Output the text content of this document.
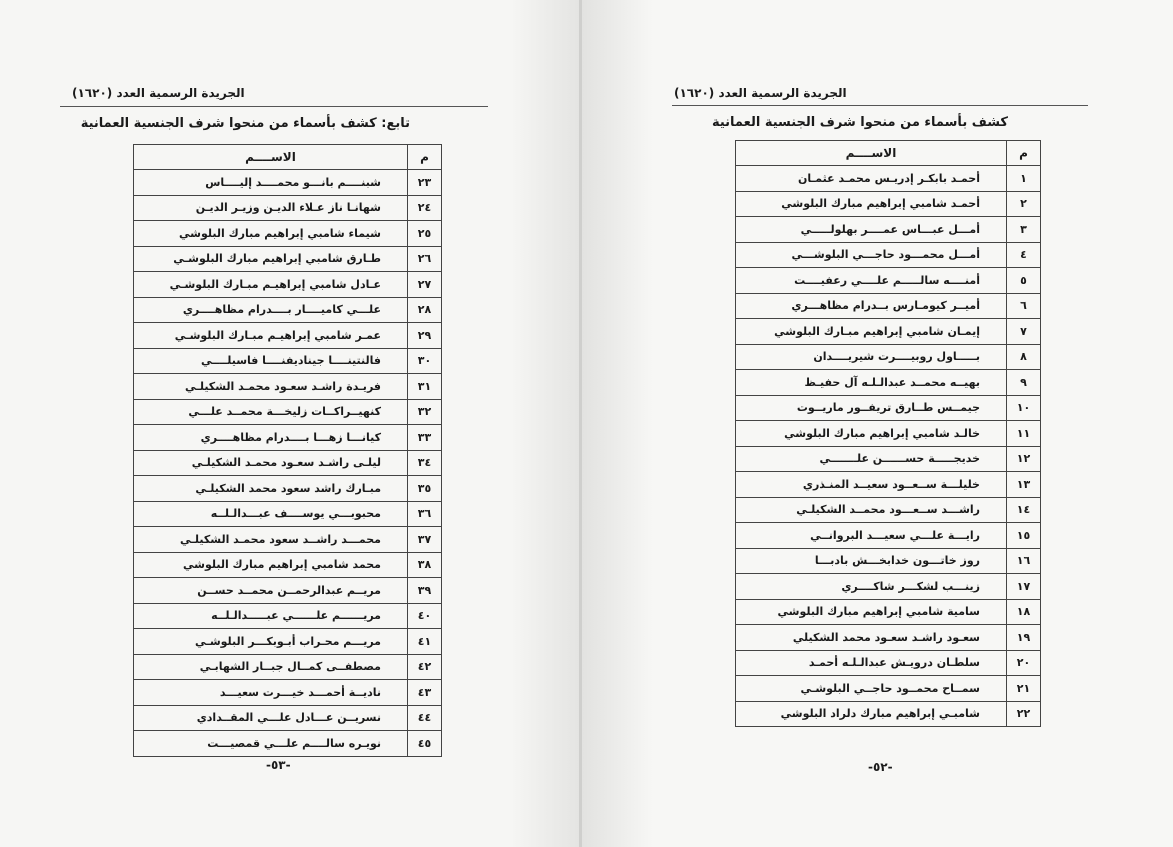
الجريدة الرسمية العدد (١٦٢٠)
تابع: كشف بأسماء من منحوا شرف الجنسية العمانية
م	الاســــم
٢٣	شبنــــم بانـــو محمــــد إليــــاس
٢٤	شهانـا ناز عـلاء الديـن وزيـر الديـن
٢٥	شيماء شامبي إبراهيم مبارك البلوشي
٢٦	طـارق شامبي إبراهيم مبارك البلوشـي
٢٧	عـادل شامبي إبراهيـم مبـارك البلوشـي
٢٨	علـــي كاميــــار بــــدرام مظاهــــري
٢٩	عمـر شامبي إبراهيـم مبـارك البلوشـي
٣٠	فالنتينــــا جيناديفنــــا فاسيلــــي
٣١	فريـدة راشـد سعـود محمـد الشكيلـي
٣٢	كنهيــراكــات زليخـــة محمــد علـــي
٣٣	كيانـــا زهـــا بــــدرام مظاهــــري
٣٤	ليلـى راشـد سعـود محمـد الشكيلـي
٣٥	مبـارك راشد سعود محمد الشكيلـي
٣٦	محبوبـــي يوســــف عبـــدالـلــه
٣٧	محمـــد راشــد سعود محمـد الشكيلـي
٣٨	محمد شامبي إبراهيم مبارك البلوشي
٣٩	مريــم عبدالرحمــن محمــد حســن
٤٠	مريــــــم علــــــي عبـــــدالـلــه
٤١	مريـــم محـراب أبـوبكـــر البلوشـي
٤٢	مصطفــى كمــال جبــار الشهابـي
٤٣	ناديــة أحمـــد خيـــرت سعيـــد
٤٤	نسريــن عـــادل علـــي المقــدادي
٤٥	نويـره سالــــم علـــي قمصيـــت
-٥٣-
الجريدة الرسمية العدد (١٦٢٠)
كشف بأسماء من منحوا شرف الجنسية العمانية
م	الاســــم
١	أحمـد بابكـر إدريـس محمـد عثمـان
٢	أحمـد شامبي إبراهيم مبارك البلوشي
٣	أمـــل عبـــاس عمــــر بهلولـــــي
٤	أمـــل محمـــود حاجـــي البلوشـــي
٥	أمنــــه سالـــــم علــــي رعفيــــت
٦	أميــر كيومـارس بــدرام مظاهـــري
٧	إيمـان شامبي إبراهيم مبـارك البلوشي
٨	بـــــاول روبيــــرت شيريــــدان
٩	بهيــه محمــد عبدالـلـه آل حفيـظ
١٠	جيمــس طــارق تريفــور ماريــوت
١١	خالـد شامبي إبراهيم مبارك البلوشي
١٢	خديجـــــة حســــــن علـــــــي
١٣	خليلـــة ســعــود سعيــد المنـذري
١٤	راشـــد ســعـــود محمــد الشكيلـي
١٥	رايـــة علـــي سعيـــد البروانــي
١٦	روز خاتـــون خدابخـــش بادبـــا
١٧	زينـــب لشكـــر شاكــــري
١٨	سامية شامبي إبراهيم مبارك البلوشي
١٩	سعـود راشـد سعـود محمد الشكيلي
٢٠	سلطـان درويـش عبدالـلـه أحمـد
٢١	سمــاح محمــود حاجــي البلوشـي
٢٢	شامبـي إبراهيم مبارك دلراد البلوشي
-٥٢-
